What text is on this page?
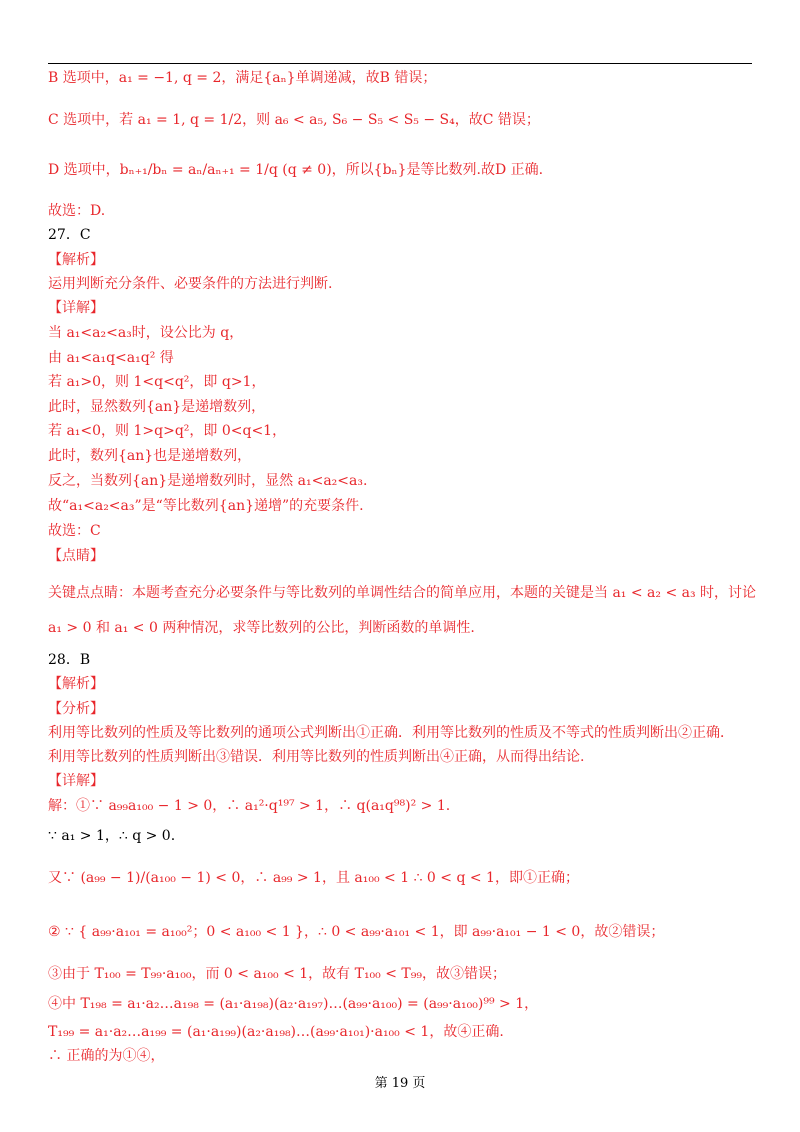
B 选项中，a₁ = −1, q = 2，满足{aₙ}单调递减，故B 错误；
C 选项中，若 a₁ = 1, q = 1/2，则 a₆ < a₅, S₆ − S₅ < S₅ − S₄，故C 错误；
D 选项中，bₙ₊₁/bₙ = aₙ/aₙ₊₁ = 1/q (q ≠ 0)，所以{bₙ}是等比数列.故D 正确.
故选：D.
27．C
【解析】
运用判断充分条件、必要条件的方法进行判断.
【详解】
当 a₁<a₂<a₃时，设公比为 q，
由 a₁<a₁q<a₁q² 得
若 a₁>0，则 1<q<q²，即 q>1，
此时，显然数列{an}是递增数列，
若 a₁<0，则 1>q>q²，即 0<q<1，
此时，数列{an}也是递增数列，
反之，当数列{an}是递增数列时，显然 a₁<a₂<a₃.
故“a₁<a₂<a₃”是“等比数列{an}递增”的充要条件.
故选：C
【点睛】
关键点点睛：本题考查充分必要条件与等比数列的单调性结合的简单应用，本题的关键是当 a₁ < a₂ < a₃ 时，讨论
a₁ > 0 和 a₁ < 0 两种情况，求等比数列的公比，判断函数的单调性.
28．B
【解析】
【分析】
利用等比数列的性质及等比数列的通项公式判断出①正确．利用等比数列的性质及不等式的性质判断出②正确．
利用等比数列的性质判断出③错误．利用等比数列的性质判断出④正确，从而得出结论.
【详解】
解：①∵ a₉₉a₁₀₀ − 1 > 0，∴ a₁²·q¹⁹⁷ > 1，∴ q(a₁q⁹⁸)² > 1.
∵ a₁ > 1，∴ q > 0.
又∵ (a₉₉ − 1)/(a₁₀₀ − 1) < 0，∴ a₉₉ > 1，且 a₁₀₀ < 1 ∴ 0 < q < 1，即①正确；
② ∵ { a₉₉·a₁₀₁ = a₁₀₀²；0 < a₁₀₀ < 1 }，∴ 0 < a₉₉·a₁₀₁ < 1，即 a₉₉·a₁₀₁ − 1 < 0，故②错误；
③由于 T₁₀₀ = T₉₉·a₁₀₀，而 0 < a₁₀₀ < 1，故有 T₁₀₀ < T₉₉，故③错误；
④中 T₁₉₈ = a₁·a₂…a₁₉₈ = (a₁·a₁₉₈)(a₂·a₁₉₇)…(a₉₉·a₁₀₀) = (a₉₉·a₁₀₀)⁹⁹ > 1，
T₁₉₉ = a₁·a₂…a₁₉₉ = (a₁·a₁₉₉)(a₂·a₁₉₈)…(a₉₉·a₁₀₁)·a₁₀₀ < 1，故④正确.
∴ 正确的为①④，
第 19 页
